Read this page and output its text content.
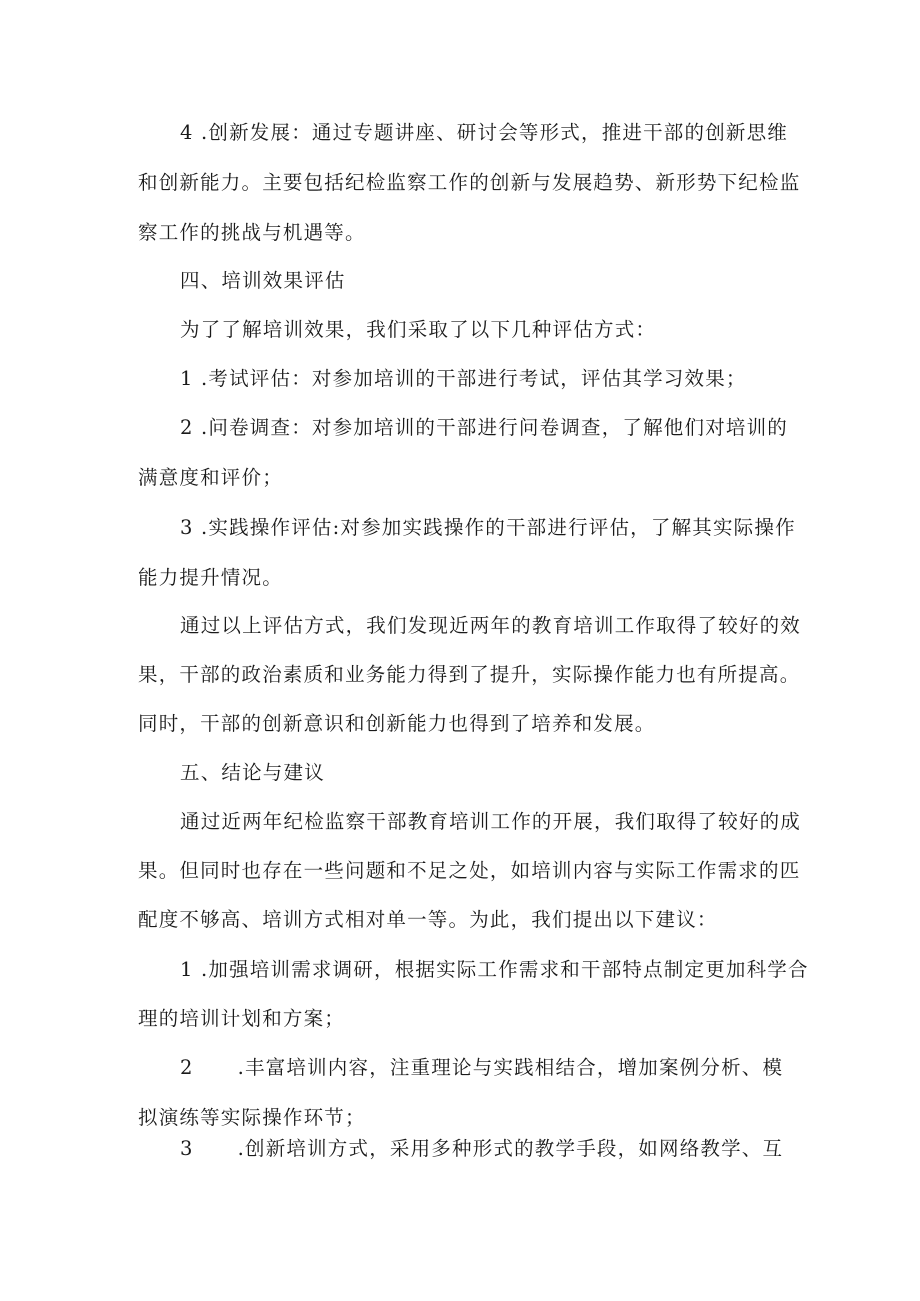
4 .创新发展：通过专题讲座、研讨会等形式，推进干部的创新思维
和创新能力。主要包括纪检监察工作的创新与发展趋势、新形势下纪检监
察工作的挑战与机遇等。
四、培训效果评估
为了了解培训效果，我们采取了以下几种评估方式：
1 .考试评估：对参加培训的干部进行考试，评估其学习效果；
2 .问卷调查：对参加培训的干部进行问卷调查，了解他们对培训的
满意度和评价；
3 .实践操作评估:对参加实践操作的干部进行评估，了解其实际操作
能力提升情况。
通过以上评估方式，我们发现近两年的教育培训工作取得了较好的效
果，干部的政治素质和业务能力得到了提升，实际操作能力也有所提高。
同时，干部的创新意识和创新能力也得到了培养和发展。
五、结论与建议
通过近两年纪检监察干部教育培训工作的开展，我们取得了较好的成
果。但同时也存在一些问题和不足之处，如培训内容与实际工作需求的匹
配度不够高、培训方式相对单一等。为此，我们提出以下建议：
1 .加强培训需求调研，根据实际工作需求和干部特点制定更加科学合
理的培训计划和方案；
2 .丰富培训内容，注重理论与实践相结合，增加案例分析、模
拟演练等实际操作环节；
3 .创新培训方式，采用多种形式的教学手段，如网络教学、互
